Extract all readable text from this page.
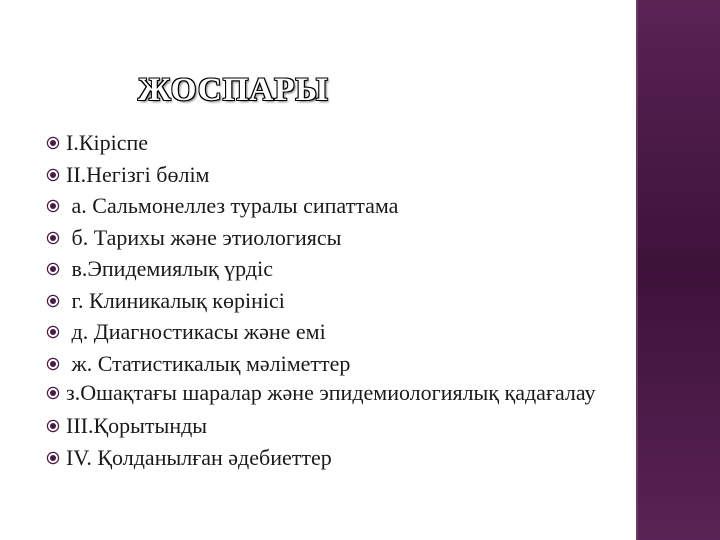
ЖОСПАРЫ
І.Кіріспе
ІІ.Негізгі бөлім
а. Сальмонеллез туралы сипаттама
б. Тарихы және этиологиясы
в.Эпидемиялық үрдіс
г. Клиникалық көрінісі
д. Диагностикасы және емі
ж. Статистикалық мәліметтер
з.Ошақтағы шаралар және эпидемиологиялық қадағалау
ІІІ.Қорытынды
ІV. Қолданылған әдебиеттер
